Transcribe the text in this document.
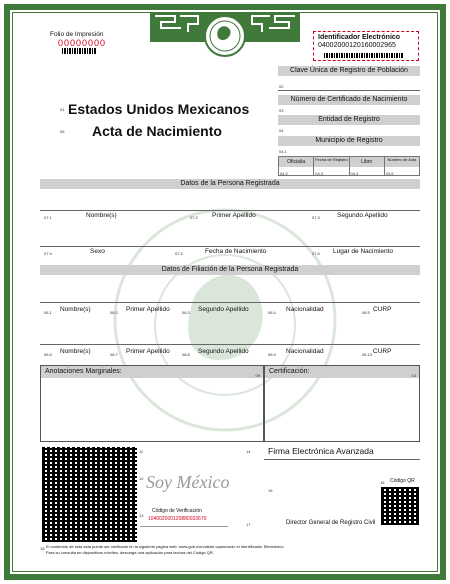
Folio de Impresión
00000000
Identificador Electrónico
04002000120160002965
01 Estados Unidos Mexicanos
06 Acta de Nacimiento
Clave Única de Registro de Población
02
Número de Certificado de Nacimiento
03
Entidad de Registro
04
Municipio de Registro
04.1
Oficialía	Fecha de Registro	Libro	Número de Acta
04.2	04.3	04.4	04.5
Datos de la Persona Registrada
07.1	Nombre(s)	07.2 Primer Apellido	07.3	Segundo Apellido
07.4	Sexo	07.5	Fecha de Nacimiento	07.6 Lugar de Nacimiento
Datos de Filiación de la Persona Registrada
08.1 Nombre(s)	08.2 Primer Apellido	08.3 Segundo Apellido	08.4 Nacionalidad	08.5 CURP
08.6 Nombre(s)	08.7 Primer Apellido	08.8 Segundo Apellido	08.9 Nacionalidad	08.10 CURP
Anotaciones Marginales:
09
Certificación:
10
11
12 Soy México
13
Código de Verificación
104002000120880033670
14 Firma Electrónica Avanzada
15
16 Código QR
17	Director General de Registro Civil
18 El contenido de esta acta puede ser verificado en la siguiente página web: www.gob.mx/validar capturando el Identificador Electrónico.
Para su consulta en dispositivos móviles, descarga una aplicación para lectura del Código QR.
